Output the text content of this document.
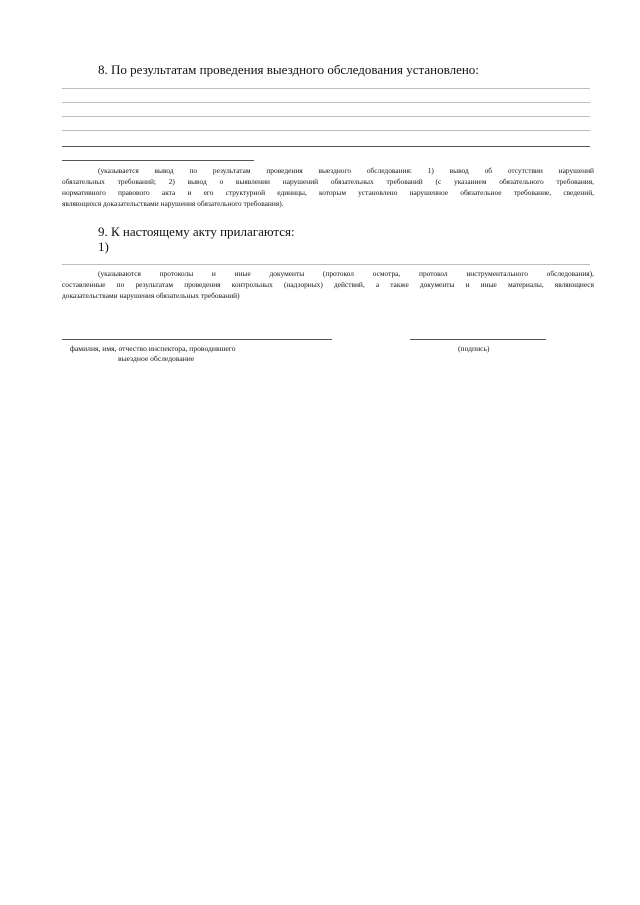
8. По результатам проведения выездного обследования установлено:
(указывается вывод по результатам проведения выездного обследования: 1) вывод об отсутствии нарушений
обязательных требований; 2) вывод о выявлении нарушений обязательных требований (с указанием обязательного требования,
нормативного правового акта и его структурной единицы, которым установлено нарушенное обязательное требование, сведений,
являющихся доказательствами нарушения обязательного требования).
9. К настоящему акту прилагаются:
1)
(указываются протоколы и иные документы (протокол осмотра, протокол инструментального обследования),
составленные по результатам проведения контрольных (надзорных) действий, а также документы и иные материалы, являющиеся
доказательствами нарушения обязательных требований)
фамилия, имя, отчество инспектора, проводившего
выездное обследование
(подпись)
